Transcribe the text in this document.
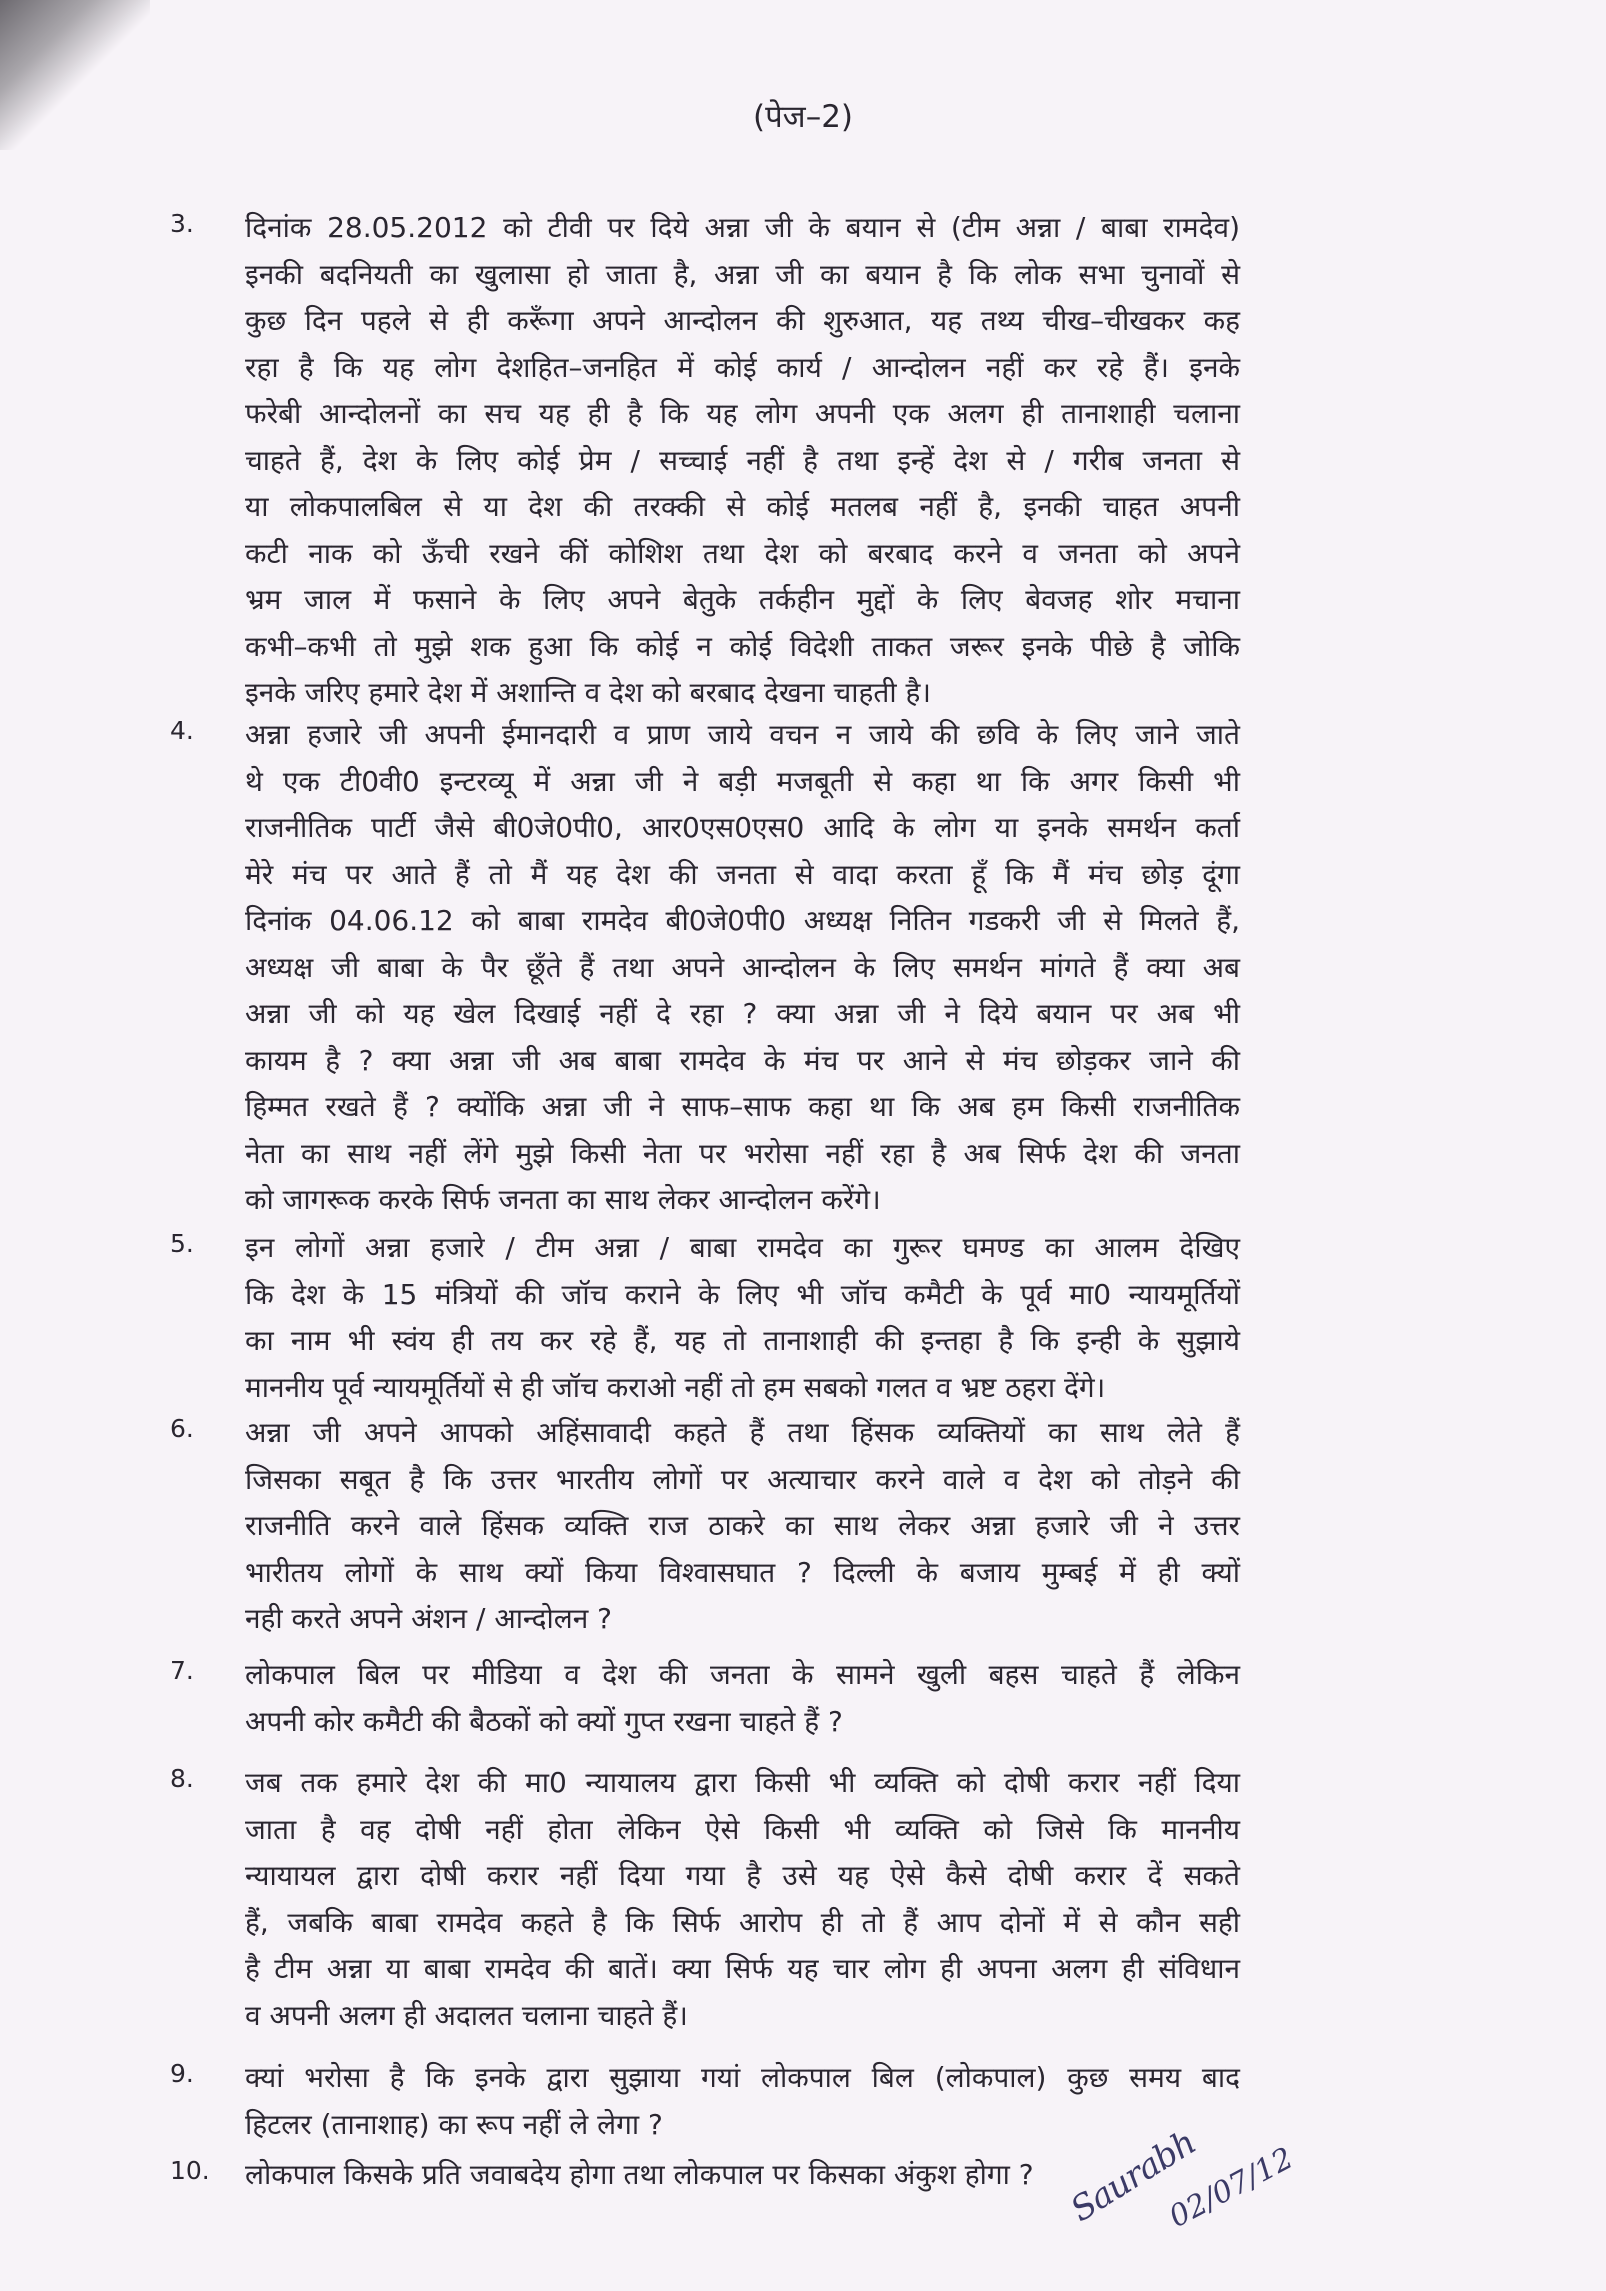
(पेज–2)
3. दिनांक 28.05.2012 को टीवी पर दिये अन्ना जी के बयान से (टीम अन्ना / बाबा रामदेव)
इनकी बदनियती का खुलासा हो जाता है, अन्ना जी का बयान है कि लोक सभा चुनावों से
कुछ दिन पहले से ही करूँगा अपने आन्दोलन की शुरुआत, यह तथ्य चीख–चीखकर कह
रहा है कि यह लोग देशहित–जनहित में कोई कार्य / आन्दोलन नहीं कर रहे हैं। इनके
फरेबी आन्दोलनों का सच यह ही है कि यह लोग अपनी एक अलग ही तानाशाही चलाना
चाहते हैं, देश के लिए कोई प्रेम / सच्चाई नहीं है तथा इन्हें देश से / गरीब जनता से
या लोकपालबिल से या देश की तरक्की से कोई मतलब नहीं है, इनकी चाहत अपनी
कटी नाक को ऊँची रखने कीं कोशिश तथा देश को बरबाद करने व जनता को अपने
भ्रम जाल में फसाने के लिए अपने बेतुके तर्कहीन मुद्दों के लिए बेवजह शोर मचाना
कभी–कभी तो मुझे शक हुआ कि कोई न कोई विदेशी ताकत जरूर इनके पीछे है जोकि
इनके जरिए हमारे देश में अशान्ति व देश को बरबाद देखना चाहती है।
4. अन्ना हजारे जी अपनी ईमानदारी व प्राण जाये वचन न जाये की छवि के लिए जाने जाते
थे एक टी0वी0 इन्टरव्यू में अन्ना जी ने बड़ी मजबूती से कहा था कि अगर किसी भी
राजनीतिक पार्टी जैसे बी0जे0पी0, आर0एस0एस0 आदि के लोग या इनके समर्थन कर्ता
मेरे मंच पर आते हैं तो मैं यह देश की जनता से वादा करता हूँ कि मैं मंच छोड़ दूंगा
दिनांक 04.06.12 को बाबा रामदेव बी0जे0पी0 अध्यक्ष नितिन गडकरी जी से मिलते हैं,
अध्यक्ष जी बाबा के पैर छूँते हैं तथा अपने आन्दोलन के लिए समर्थन मांगते हैं क्या अब
अन्ना जी को यह खेल दिखाई नहीं दे रहा ? क्या अन्ना जी ने दिये बयान पर अब भी
कायम है ? क्या अन्ना जी अब बाबा रामदेव के मंच पर आने से मंच छोड़कर जाने की
हिम्मत रखते हैं ? क्योंकि अन्ना जी ने साफ–साफ कहा था कि अब हम किसी राजनीतिक
नेता का साथ नहीं लेंगे मुझे किसी नेता पर भरोसा नहीं रहा है अब सिर्फ देश की जनता
को जागरूक करके सिर्फ जनता का साथ लेकर आन्दोलन करेंगे।
5. इन लोगों अन्ना हजारे / टीम अन्ना / बाबा रामदेव का गुरूर घमण्ड का आलम देखिए
कि देश के 15 मंत्रियों की जॉच कराने के लिए भी जॉच कमैटी के पूर्व मा0 न्यायमूर्तियों
का नाम भी स्वंय ही तय कर रहे हैं, यह तो तानाशाही की इन्तहा है कि इन्ही के सुझाये
माननीय पूर्व न्यायमूर्तियों से ही जॉच कराओ नहीं तो हम सबको गलत व भ्रष्ट ठहरा देंगे।
6. अन्ना जी अपने आपको अहिंसावादी कहते हैं तथा हिंसक व्यक्तियों का साथ लेते हैं
जिसका सबूत है कि उत्तर भारतीय लोगों पर अत्याचार करने वाले व देश को तोड़ने की
राजनीति करने वाले हिंसक व्यक्ति राज ठाकरे का साथ लेकर अन्ना हजारे जी ने उत्तर
भारीतय लोगों के साथ क्यों किया विश्वासघात ? दिल्ली के बजाय मुम्बई में ही क्यों
नही करते अपने अंशन / आन्दोलन ?
7. लोकपाल बिल पर मीडिया व देश की जनता के सामने खुली बहस चाहते हैं लेकिन
अपनी कोर कमैटी की बैठकों को क्यों गुप्त रखना चाहते हैं ?
8. जब तक हमारे देश की मा0 न्यायालय द्वारा किसी भी व्यक्ति को दोषी करार नहीं दिया
जाता है वह दोषी नहीं होता लेकिन ऐसे किसी भी व्यक्ति को जिसे कि माननीय
न्यायायल द्वारा दोषी करार नहीं दिया गया है उसे यह ऐसे कैसे दोषी करार दें सकते
हैं, जबकि बाबा रामदेव कहते है कि सिर्फ आरोप ही तो हैं आप दोनों में से कौन सही
है टीम अन्ना या बाबा रामदेव की बातें। क्या सिर्फ यह चार लोग ही अपना अलग ही संविधान
व अपनी अलग ही अदालत चलाना चाहते हैं।
9. क्यां भरोसा है कि इनके द्वारा सुझाया गयां लोकपाल बिल (लोकपाल) कुछ समय बाद
हिटलर (तानाशाह) का रूप नहीं ले लेगा ?
10. लोकपाल किसके प्रति जवाबदेय होगा तथा लोकपाल पर किसका अंकुश होगा ? Saurabh
02/07/12
